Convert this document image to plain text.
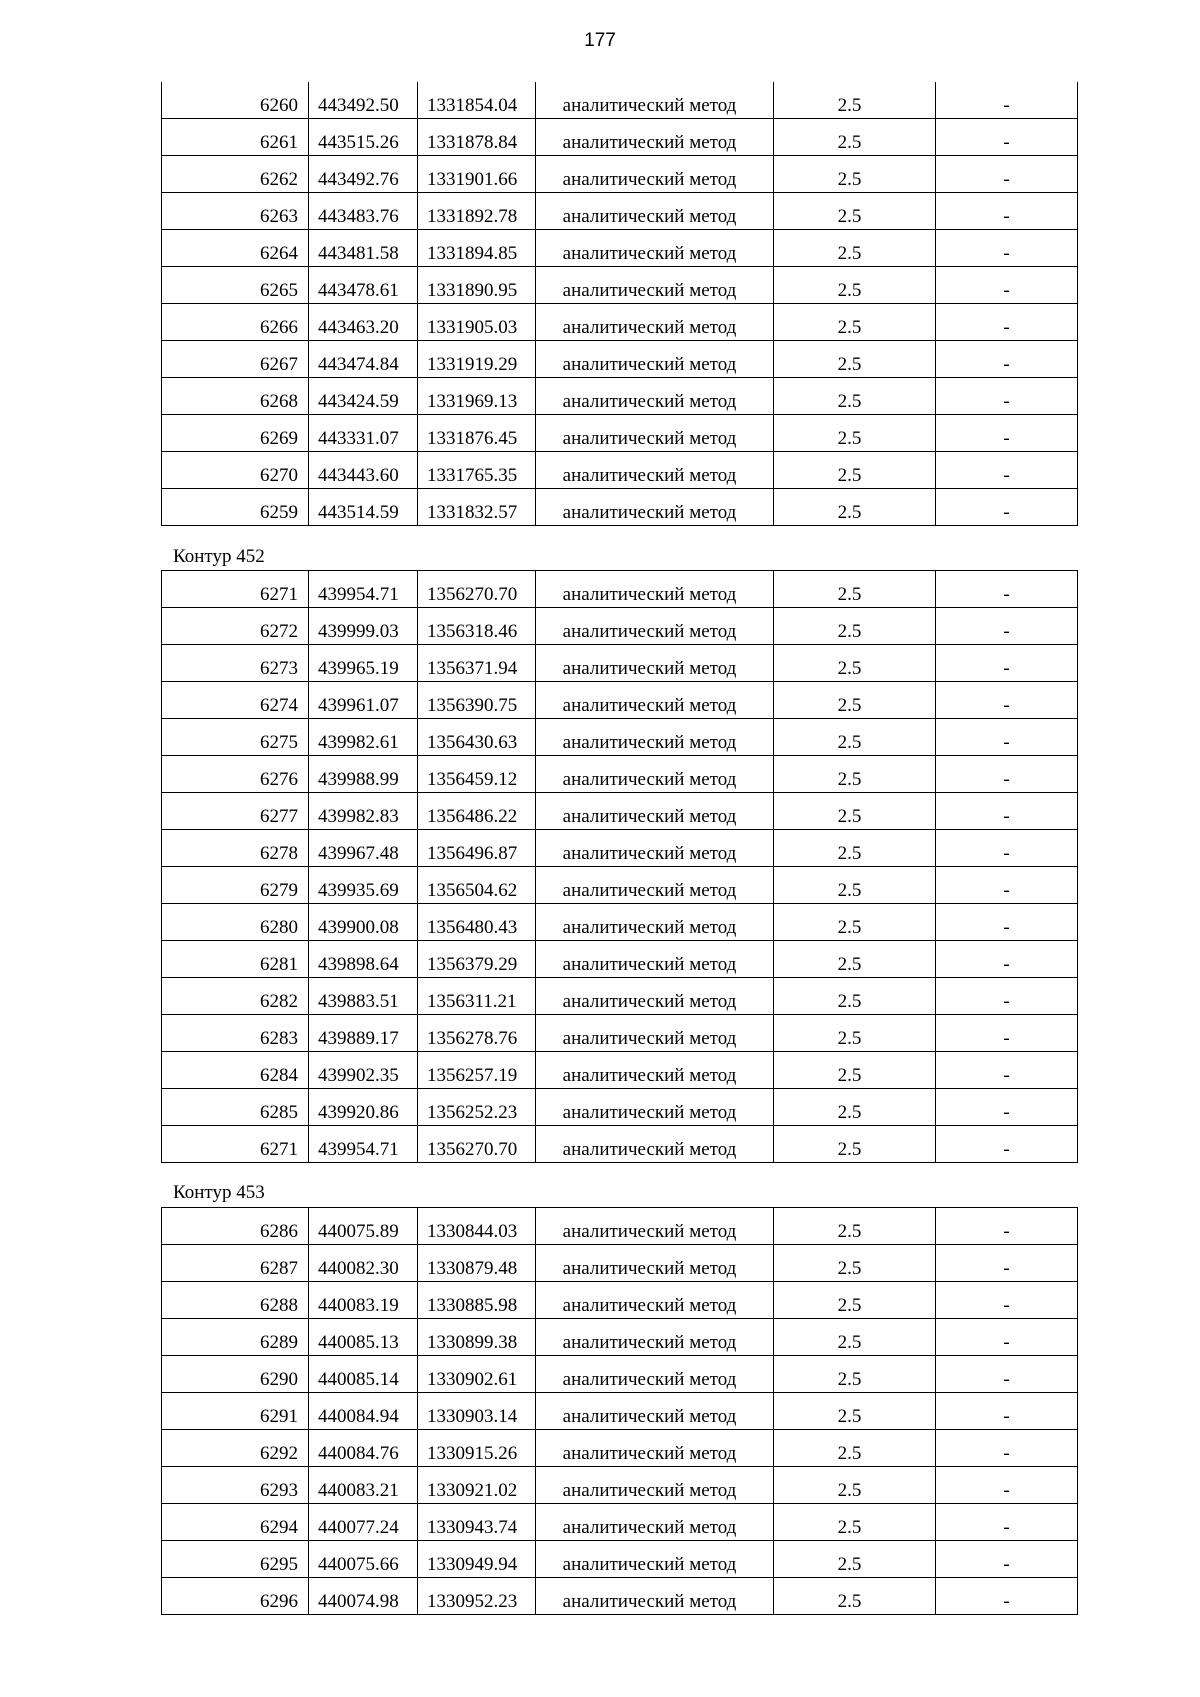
177
6260	443492.50	1331854.04	аналитический метод	2.5	-

6261	443515.26	1331878.84	аналитический метод	2.5	-

6262	443492.76	1331901.66	аналитический метод	2.5	-

6263	443483.76	1331892.78	аналитический метод	2.5	-

6264	443481.58	1331894.85	аналитический метод	2.5	-

6265	443478.61	1331890.95	аналитический метод	2.5	-

6266	443463.20	1331905.03	аналитический метод	2.5	-

6267	443474.84	1331919.29	аналитический метод	2.5	-

6268	443424.59	1331969.13	аналитический метод	2.5	-

6269	443331.07	1331876.45	аналитический метод	2.5	-

6270	443443.60	1331765.35	аналитический метод	2.5	-

6259	443514.59	1331832.57	аналитический метод	2.5	-
Контур 452
6271	439954.71	1356270.70	аналитический метод	2.5	-

6272	439999.03	1356318.46	аналитический метод	2.5	-

6273	439965.19	1356371.94	аналитический метод	2.5	-

6274	439961.07	1356390.75	аналитический метод	2.5	-

6275	439982.61	1356430.63	аналитический метод	2.5	-

6276	439988.99	1356459.12	аналитический метод	2.5	-

6277	439982.83	1356486.22	аналитический метод	2.5	-

6278	439967.48	1356496.87	аналитический метод	2.5	-

6279	439935.69	1356504.62	аналитический метод	2.5	-

6280	439900.08	1356480.43	аналитический метод	2.5	-

6281	439898.64	1356379.29	аналитический метод	2.5	-

6282	439883.51	1356311.21	аналитический метод	2.5	-

6283	439889.17	1356278.76	аналитический метод	2.5	-

6284	439902.35	1356257.19	аналитический метод	2.5	-

6285	439920.86	1356252.23	аналитический метод	2.5	-

6271	439954.71	1356270.70	аналитический метод	2.5	-
Контур 453
6286	440075.89	1330844.03	аналитический метод	2.5	-

6287	440082.30	1330879.48	аналитический метод	2.5	-

6288	440083.19	1330885.98	аналитический метод	2.5	-

6289	440085.13	1330899.38	аналитический метод	2.5	-

6290	440085.14	1330902.61	аналитический метод	2.5	-

6291	440084.94	1330903.14	аналитический метод	2.5	-

6292	440084.76	1330915.26	аналитический метод	2.5	-

6293	440083.21	1330921.02	аналитический метод	2.5	-

6294	440077.24	1330943.74	аналитический метод	2.5	-

6295	440075.66	1330949.94	аналитический метод	2.5	-

6296	440074.98	1330952.23	аналитический метод	2.5	-
